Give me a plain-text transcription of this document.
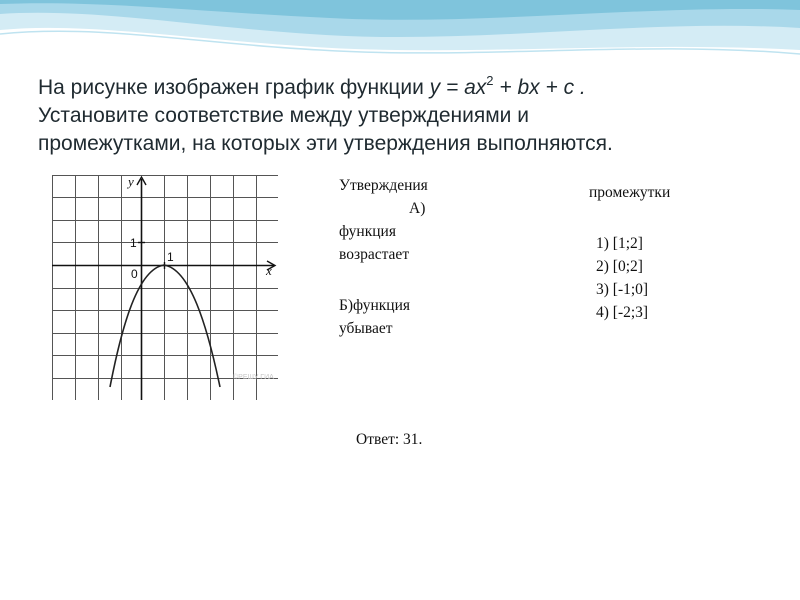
На рисунке изображен график функции $y = ax^2$ + bx + c .
Установите соответствие между утверждениями и
промежутками, на которых эти утверждения выполняются.
y
x
1
1
0
©РЕШУ ГИА
Утверждения
А)
функция
возрастает
Б)функция
убывает
промежутки
1) [1;2]
2) [0;2]
3) [-1;0]
4) [-2;3]
Ответ: 31.
